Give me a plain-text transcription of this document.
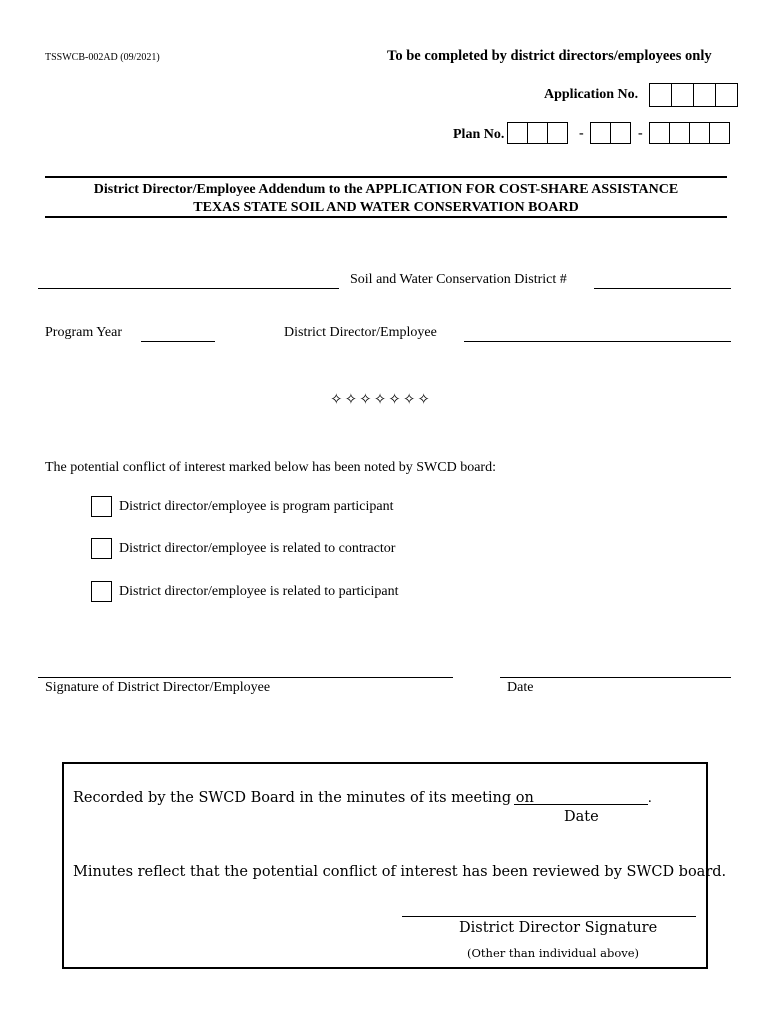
TSSWCB-002AD (09/2021)	To be completed by district directors/employees only
Application No.
Plan No.	-	-
District Director/Employee Addendum to the APPLICATION FOR COST-SHARE ASSISTANCE
TEXAS STATE SOIL AND WATER CONSERVATION BOARD
Soil and Water Conservation District #
Program Year	District Director/Employee
✧✧✧✧✧✧✧
The potential conflict of interest marked below has been noted by SWCD board:
District director/employee is program participant
District director/employee is related to contractor
District director/employee is related to participant
Signature of District Director/Employee	Date
Recorded by the SWCD Board in the minutes of its meeting on	.
Date
Minutes reflect that the potential conflict of interest has been reviewed by SWCD board.
District Director Signature
(Other than individual above)
